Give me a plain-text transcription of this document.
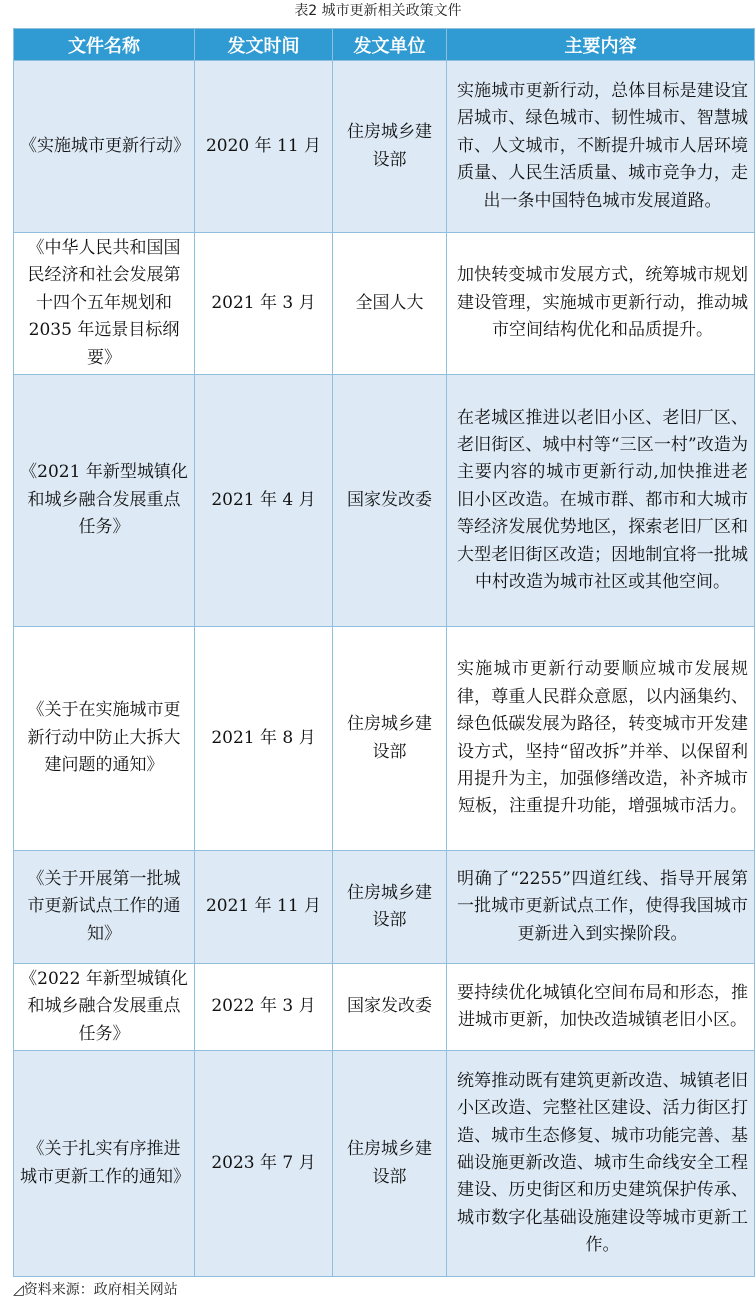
表2 城市更新相关政策文件
文件名称	发文时间	发文单位	主要内容
《实施城市更新行动》	2020 年 11 月	住房城乡建设部	实施城市更新行动，总体目标是建设宜居城市、绿色城市、韧性城市、智慧城市、人文城市，不断提升城市人居环境质量、人民生活质量、城市竞争力，走出一条中国特色城市发展道路。
《中华人民共和国国民经济和社会发展第十四个五年规划和 2035 年远景目标纲要》	2021 年 3 月	全国人大	加快转变城市发展方式，统筹城市规划建设管理，实施城市更新行动，推动城市空间结构优化和品质提升。
《2021 年新型城镇化和城乡融合发展重点任务》	2021 年 4 月	国家发改委	在老城区推进以老旧小区、老旧厂区、老旧街区、城中村等“三区一村”改造为主要内容的城市更新行动,加快推进老旧小区改造。在城市群、都市和大城市等经济发展优势地区，探索老旧厂区和大型老旧街区改造；因地制宜将一批城中村改造为城市社区或其他空间。
《关于在实施城市更新行动中防止大拆大建问题的通知》	2021 年 8 月	住房城乡建设部	实施城市更新行动要顺应城市发展规律，尊重人民群众意愿，以内涵集约、绿色低碳发展为路径，转变城市开发建设方式，坚持“留改拆”并举、以保留利用提升为主，加强修缮改造，补齐城市短板，注重提升功能，增强城市活力。
《关于开展第一批城市更新试点工作的通知》	2021 年 11 月	住房城乡建设部	明确了“2255”四道红线、指导开展第一批城市更新试点工作，使得我国城市更新进入到实操阶段。
《2022 年新型城镇化和城乡融合发展重点任务》	2022 年 3 月	国家发改委	要持续优化城镇化空间布局和形态，推进城市更新，加快改造城镇老旧小区。
《关于扎实有序推进城市更新工作的通知》	2023 年 7 月	住房城乡建设部	统筹推动既有建筑更新改造、城镇老旧小区改造、完整社区建设、活力街区打造、城市生态修复、城市功能完善、基础设施更新改造、城市生命线安全工程建设、历史街区和历史建筑保护传承、城市数字化基础设施建设等城市更新工作。
◿资料来源：政府相关网站
